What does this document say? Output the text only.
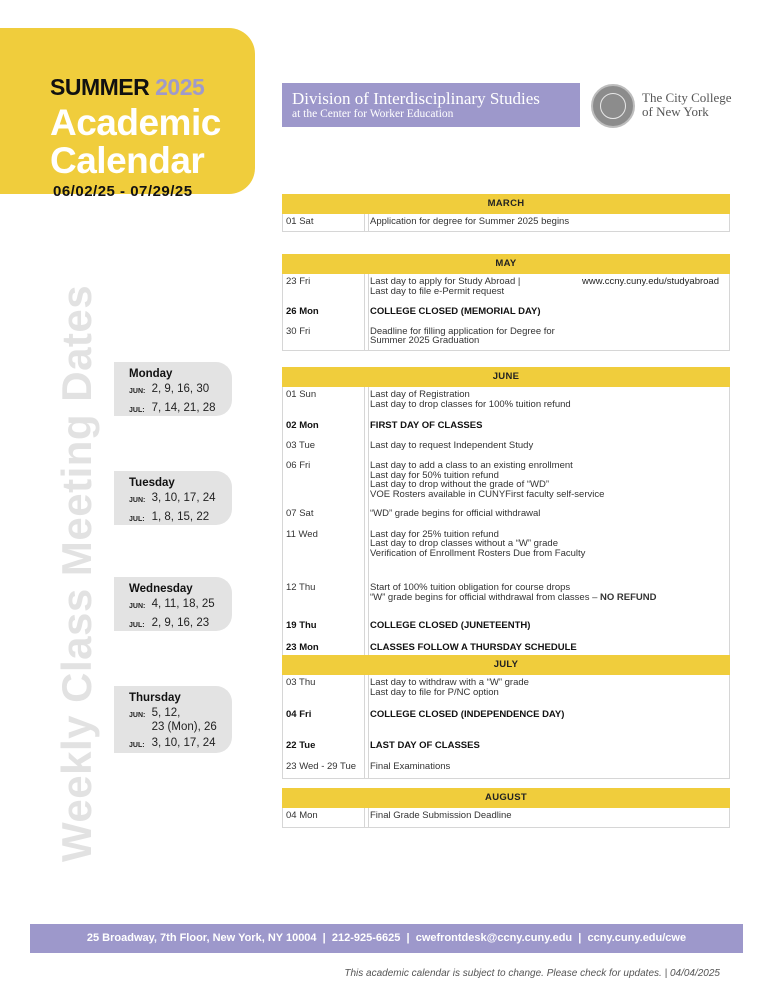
SUMMER 2025
Academic
Calendar
06/02/25 - 07/29/25
Division of Interdisciplinary Studies
at the Center for Worker Education
The City College
of New York
Weekly Class Meeting Dates	Monday
JUN: 2, 9, 16, 30
JUL: 7, 14, 21, 28
Tuesday
JUN: 3, 10, 17, 24
JUL: 1, 8, 15, 22
Wednesday
JUN: 4, 11, 18, 25
JUL: 2, 9, 16, 23
Thursday
JUN: 5, 12,
23 (Mon), 26
JUL: 3, 10, 17, 24
MARCH
01 Sat	Application for degree for Summer 2025 begins
MAY
23 Fri	Last day to apply for Study Abroad |
Last day to file e-Permit request
www.ccny.cuny.edu/studyabroad
26 Mon	COLLEGE CLOSED (MEMORIAL DAY)
30 Fri	Deadline for filling application for Degree for
Summer 2025 Graduation
JUNE
01 Sun	Last day of Registration
Last day to drop classes for 100% tuition refund
02 Mon	FIRST DAY OF CLASSES
03 Tue	Last day to request Independent Study
06 Fri	Last day to add a class to an existing enrollment
Last day for 50% tuition refund
Last day to drop without the grade of “WD”
VOE Rosters available in CUNYFirst faculty self-service
07 Sat	“WD” grade begins for official withdrawal
11 Wed	Last day for 25% tuition refund
Last day to drop classes without a “W” grade
Verification of Enrollment Rosters Due from Faculty
12 Thu	Start of 100% tuition obligation for course drops
“W” grade begins for official withdrawal from classes – NO REFUND
19 Thu	COLLEGE CLOSED (JUNETEENTH)
23 Mon	CLASSES FOLLOW A THURSDAY SCHEDULE
JULY
03 Thu	Last day to withdraw with a “W” grade
Last day to file for P/NC option
04 Fri	COLLEGE CLOSED (INDEPENDENCE DAY)
22 Tue	LAST DAY OF CLASSES
23 Wed - 29 Tue	Final Examinations
AUGUST
04 Mon	Final Grade Submission Deadline
25 Broadway, 7th Floor, New York, NY 10004 | 212-925-6625 | cwefrontdesk@ccny.cuny.edu | ccny.cuny.edu/cwe
This academic calendar is subject to change. Please check for updates. | 04/04/2025
